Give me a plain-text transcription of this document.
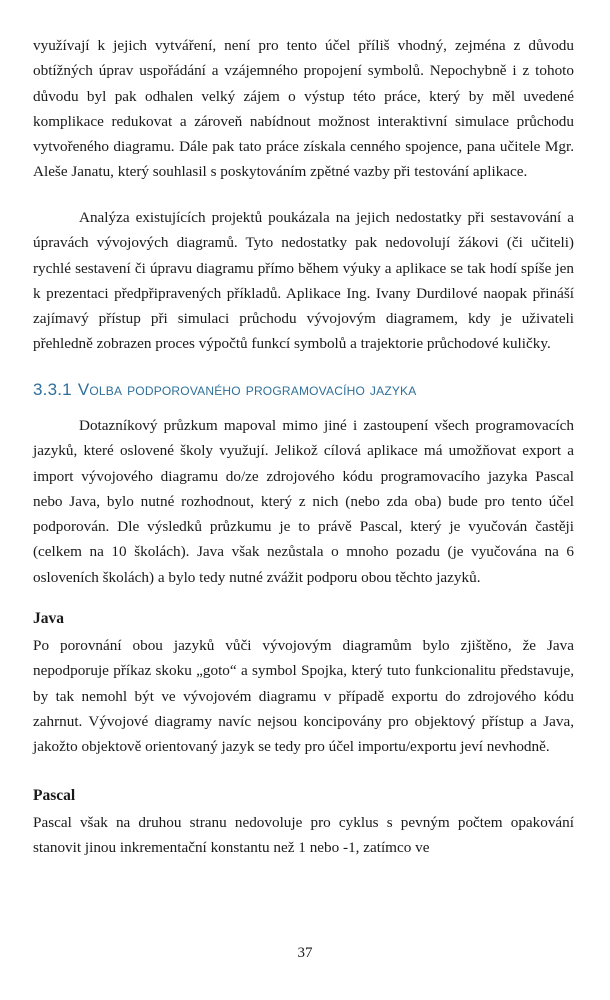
využívají k jejich vytváření, není pro tento účel příliš vhodný, zejména z důvodu obtížných úprav uspořádání a vzájemného propojení symbolů. Nepochybně i z tohoto důvodu byl pak odhalen velký zájem o výstup této práce, který by měl uvedené komplikace redukovat a zároveň nabídnout možnost interaktivní simulace průchodu vytvořeného diagramu. Dále pak tato práce získala cenného spojence, pana učitele Mgr. Aleše Janatu, který souhlasil s poskytováním zpětné vazby při testování aplikace.

Analýza existujících projektů poukázala na jejich nedostatky při sestavování a úpravách vývojových diagramů. Tyto nedostatky pak nedovolují žákovi (či učiteli) rychlé sestavení či úpravu diagramu přímo během výuky a aplikace se tak hodí spíše jen k prezentaci předpřipravených příkladů. Aplikace Ing. Ivany Durdilové naopak přináší zajímavý přístup při simulaci průchodu vývojovým diagramem, kdy je uživateli přehledně zobrazen proces výpočtů funkcí symbolů a trajektorie průchodové kuličky.

3.3.1 Volba podporovaného programovacího jazyka

Dotazníkový průzkum mapoval mimo jiné i zastoupení všech programovacích jazyků, které oslovené školy využují. Jelikož cílová aplikace má umožňovat export a import vývojového diagramu do/ze zdrojového kódu programovacího jazyka Pascal nebo Java, bylo nutné rozhodnout, který z nich (nebo zda oba) bude pro tento účel podporován. Dle výsledků průzkumu je to právě Pascal, který je vyučován častěji (celkem na 10 školách). Java však nezůstala o mnoho pozadu (je vyučována na 6 osloveních školách) a bylo tedy nutné zvážit podporu obou těchto jazyků.

Java

Po porovnání obou jazyků vůči vývojovým diagramům bylo zjištěno, že Java nepodporuje příkaz skoku „goto“ a symbol Spojka, který tuto funkcionalitu představuje, by tak nemohl být ve vývojovém diagramu v případě exportu do zdrojového kódu zahrnut. Vývojové diagramy navíc nejsou koncipovány pro objektový přístup a Java, jakožto objektově orientovaný jazyk se tedy pro účel importu/exportu jeví nevhodně.

Pascal

Pascal však na druhou stranu nedovoluje pro cyklus s pevným počtem opakování stanovit jinou inkrementační konstantu než 1 nebo -1, zatímco ve

37
